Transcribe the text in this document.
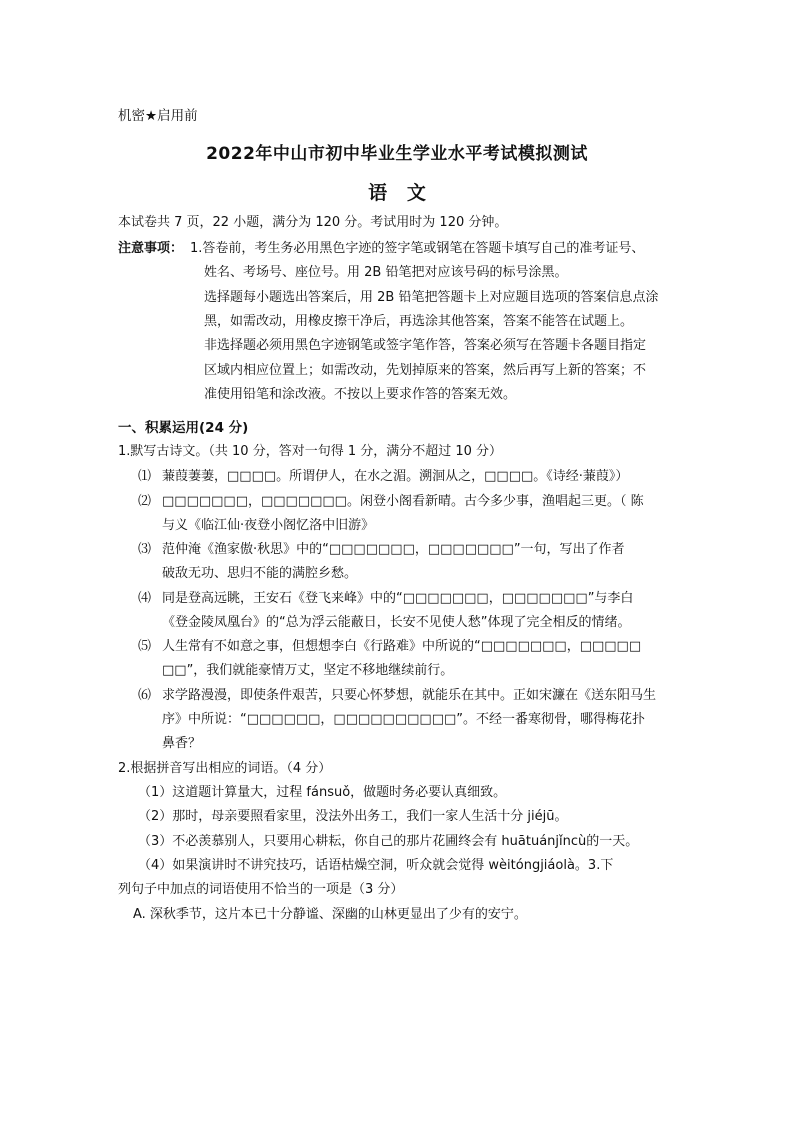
机密★启用前
2022年中山市初中毕业生学业水平考试模拟测试
语   文
本试卷共 7 页，22 小题，满分为 120 分。考试用时为 120 分钟。
注意事项： 1.答卷前，考生务必用黑色字迹的签字笔或钢笔在答题卡填写自己的准考证号、
姓名、考场号、座位号。用 2B 铅笔把对应该号码的标号涂黑。
选择题每小题选出答案后，用 2B 铅笔把答题卡上对应题目选项的答案信息点涂
黑，如需改动，用橡皮擦干净后，再选涂其他答案，答案不能答在试题上。
非选择题必须用黑色字迹钢笔或签字笔作答，答案必须写在答题卡各题目指定
区域内相应位置上；如需改动，先划掉原来的答案，然后再写上新的答案；不
准使用铅笔和涂改液。不按以上要求作答的答案无效。
一、积累运用(24 分)
1.默写古诗文。（共 10 分，答对一句得 1 分，满分不超过 10 分）
⑴ 蒹葭萋萋，□□□□。所谓伊人，在水之湄。溯洄从之，□□□□。《诗经·蒹葭》）
⑵ □□□□□□□，□□□□□□□。闲登小阁看新晴。古今多少事，渔唱起三更。（ 陈
与义《临江仙·夜登小阁忆洛中旧游》
⑶ 范仲淹《渔家傲·秋思》中的“□□□□□□□，□□□□□□□”一句，写出了作者
破敌无功、思归不能的满腔乡愁。
⑷ 同是登高远眺，王安石《登飞来峰》中的“□□□□□□□，□□□□□□□”与李白
《登金陵凤凰台》的“总为浮云能蔽日，长安不见使人愁”体现了完全相反的情绪。
⑸ 人生常有不如意之事，但想想李白《行路难》中所说的“□□□□□□□，□□□□□
□□”，我们就能豪情万丈，坚定不移地继续前行。
⑹ 求学路漫漫，即使条件艰苦，只要心怀梦想，就能乐在其中。正如宋濂在《送东阳马生
序》中所说：“□□□□□□，□□□□□□□□□□”。不经一番寒彻骨，哪得梅花扑
鼻香？
2.根据拼音写出相应的词语。（4 分）
（1）这道题计算量大，过程 fánsuǒ，做题时务必要认真细致。
（2）那时，母亲要照看家里，没法外出务工，我们一家人生活十分 jiéjū。
（3）不必羡慕别人，只要用心耕耘，你自己的那片花圃终会有 huātuánjǐncù的一天。
（4）如果演讲时不讲究技巧，话语枯燥空洞，听众就会觉得 wèitóngjiáolà。3.下
列句子中加点的词语使用不恰当的一项是（3 分）
A. 深秋季节，这片本已十分静谧、深幽的山林更显出了少有的安宁。
